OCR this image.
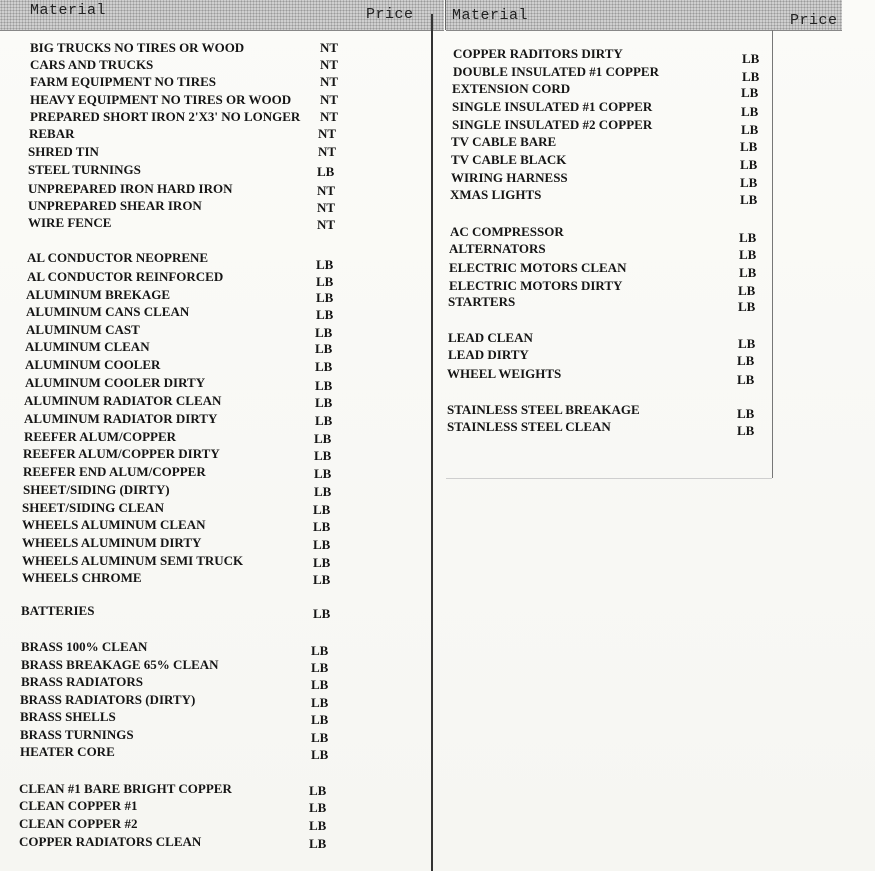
Material	Price	Material	Price
BIG TRUCKS NO TIRES OR WOOD	NT
CARS AND TRUCKS	NT
FARM EQUIPMENT NO TIRES	NT
HEAVY EQUIPMENT NO TIRES OR WOOD NT
PREPARED SHORT IRON 2'X3' NO LONGER NT
REBAR	NT
SHRED TIN	NT
STEEL TURNINGS	LB
UNPREPARED IRON HARD IRON	NT
UNPREPARED SHEAR IRON	NT
WIRE FENCE	NT
AL CONDUCTOR NEOPRENE	LB
AL CONDUCTOR REINFORCED	LB
ALUMINUM BREKAGE	LB
ALUMINUM CANS CLEAN	LB
ALUMINUM CAST	LB
ALUMINUM CLEAN	LB
ALUMINUM COOLER	LB
ALUMINUM COOLER DIRTY	LB
ALUMINUM RADIATOR CLEAN	LB
ALUMINUM RADIATOR DIRTY	LB
REEFER ALUM/COPPER	LB
REEFER ALUM/COPPER DIRTY	LB
REEFER END ALUM/COPPER	LB
SHEET/SIDING (DIRTY)	LB
SHEET/SIDING CLEAN	LB
WHEELS ALUMINUM CLEAN	LB
WHEELS ALUMINUM DIRTY	LB
WHEELS ALUMINUM SEMI TRUCK	LB
WHEELS CHROME	LB
BATTERIES	LB
BRASS 100% CLEAN	LB
BRASS BREAKAGE 65% CLEAN	LB
BRASS RADIATORS	LB
BRASS RADIATORS (DIRTY)	LB
BRASS SHELLS	LB
BRASS TURNINGS	LB
HEATER CORE	LB
CLEAN #1 BARE BRIGHT COPPER	LB
CLEAN COPPER #1	LB
CLEAN COPPER #2	LB
COPPER RADIATORS CLEAN	LB
COPPER RADITORS DIRTY	LB
DOUBLE INSULATED #1 COPPER	LB
EXTENSION CORD	LB
SINGLE INSULATED #1 COPPER	LB
SINGLE INSULATED #2 COPPER	LB
TV CABLE BARE	LB
TV CABLE BLACK	LB
WIRING HARNESS	LB
XMAS LIGHTS	LB
AC COMPRESSOR	LB
ALTERNATORS	LB
ELECTRIC MOTORS CLEAN	LB
ELECTRIC MOTORS DIRTY	LB
STARTERS	LB
LEAD CLEAN	LB
LEAD DIRTY	LB
WHEEL WEIGHTS	LB
STAINLESS STEEL BREAKAGE	LB
STAINLESS STEEL CLEAN	LB
